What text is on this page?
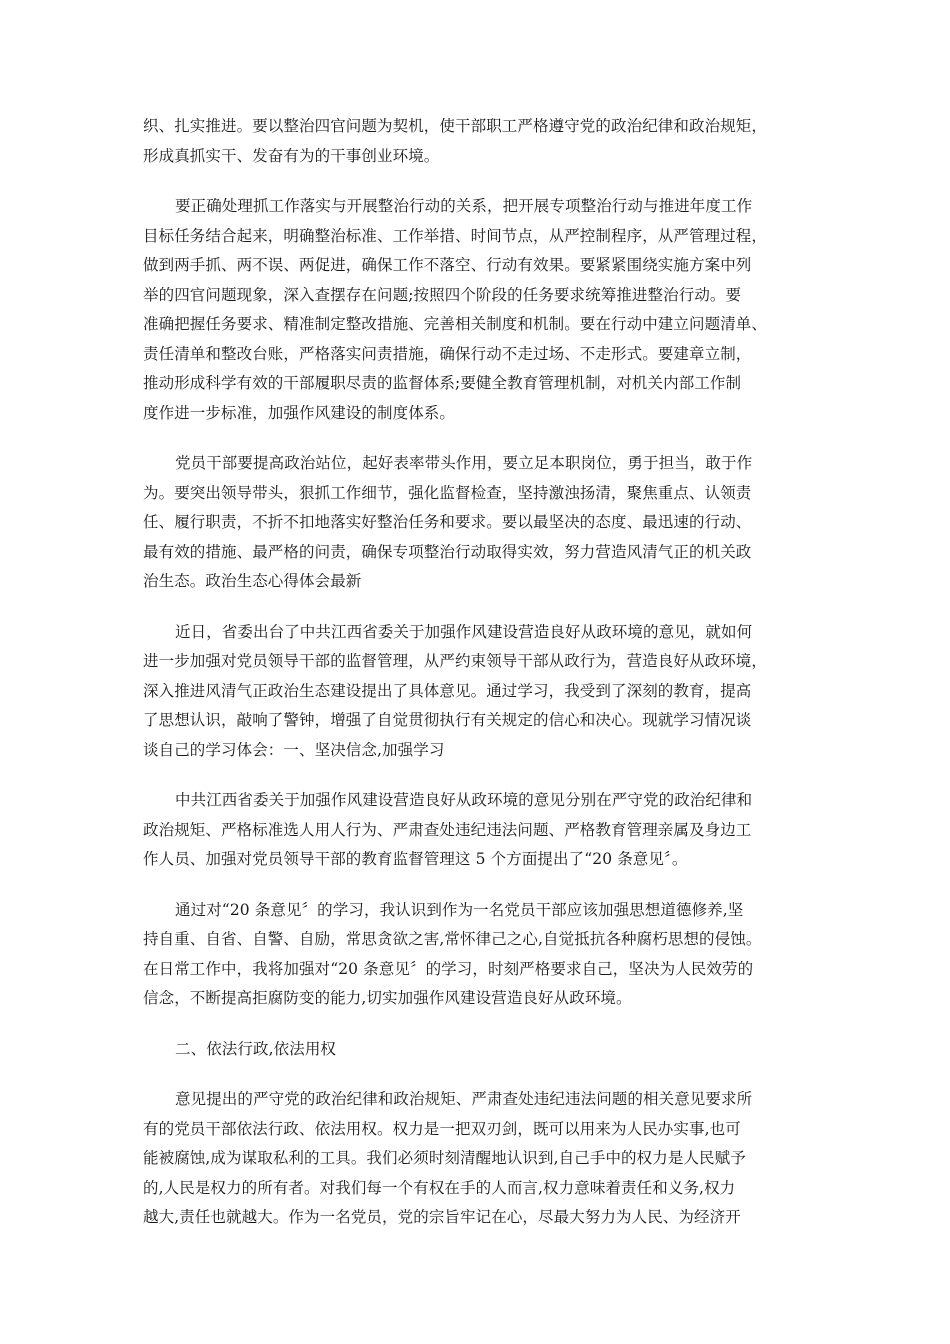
织、扎实推进。要以整治四官问题为契机，使干部职工严格遵守党的政治纪律和政治规矩，
形成真抓实干、发奋有为的干事创业环境。

要正确处理抓工作落实与开展整治行动的关系，把开展专项整治行动与推进年度工作
目标任务结合起来，明确整治标准、工作举措、时间节点，从严控制程序，从严管理过程，
做到两手抓、两不误、两促进，确保工作不落空、行动有效果。要紧紧围绕实施方案中列
举的四官问题现象，深入查摆存在问题;按照四个阶段的任务要求统筹推进整治行动。要
准确把握任务要求、精准制定整改措施、完善相关制度和机制。要在行动中建立问题清单、
责任清单和整改台账，严格落实问责措施，确保行动不走过场、不走形式。要建章立制，
推动形成科学有效的干部履职尽责的监督体系;要健全教育管理机制，对机关内部工作制
度作进一步标准，加强作风建设的制度体系。

党员干部要提高政治站位，起好表率带头作用，要立足本职岗位，勇于担当，敢于作
为。要突出领导带头，狠抓工作细节，强化监督检查，坚持激浊扬清，聚焦重点、认领责
任、履行职责，不折不扣地落实好整治任务和要求。要以最坚决的态度、最迅速的行动、
最有效的措施、最严格的问责，确保专项整治行动取得实效，努力营造风清气正的机关政
治生态。政治生态心得体会最新

近日，省委出台了中共江西省委关于加强作风建设营造良好从政环境的意见，就如何
进一步加强对党员领导干部的监督管理，从严约束领导干部从政行为，营造良好从政环境，
深入推进风清气正政治生态建设提出了具体意见。通过学习，我受到了深刻的教育，提高
了思想认识，敲响了警钟，增强了自觉贯彻执行有关规定的信心和决心。现就学习情况谈
谈自己的学习体会：一、坚决信念,加强学习

中共江西省委关于加强作风建设营造良好从政环境的意见分别在严守党的政治纪律和
政治规矩、严格标准选人用人行为、严肃查处违纪违法问题、严格教育管理亲属及身边工
作人员、加强对党员领导干部的教育监督管理这 5 个方面提出了“20 条意见〞。

通过对“20 条意见〞的学习，我认识到作为一名党员干部应该加强思想道德修养,坚
持自重、自省、自警、自励，常思贪欲之害,常怀律己之心,自觉抵抗各种腐朽思想的侵蚀。
在日常工作中，我将加强对“20 条意见〞的学习，时刻严格要求自己，坚决为人民效劳的
信念，不断提高拒腐防变的能力,切实加强作风建设营造良好从政环境。

二、依法行政,依法用权

意见提出的严守党的政治纪律和政治规矩、严肃查处违纪违法问题的相关意见要求所
有的党员干部依法行政、依法用权。权力是一把双刃剑，既可以用来为人民办实事,也可
能被腐蚀,成为谋取私利的工具。我们必须时刻清醒地认识到,自己手中的权力是人民赋予
的,人民是权力的所有者。对我们每一个有权在手的人而言,权力意味着责任和义务,权力
越大,责任也就越大。作为一名党员，党的宗旨牢记在心，尽最大努力为人民、为经济开
